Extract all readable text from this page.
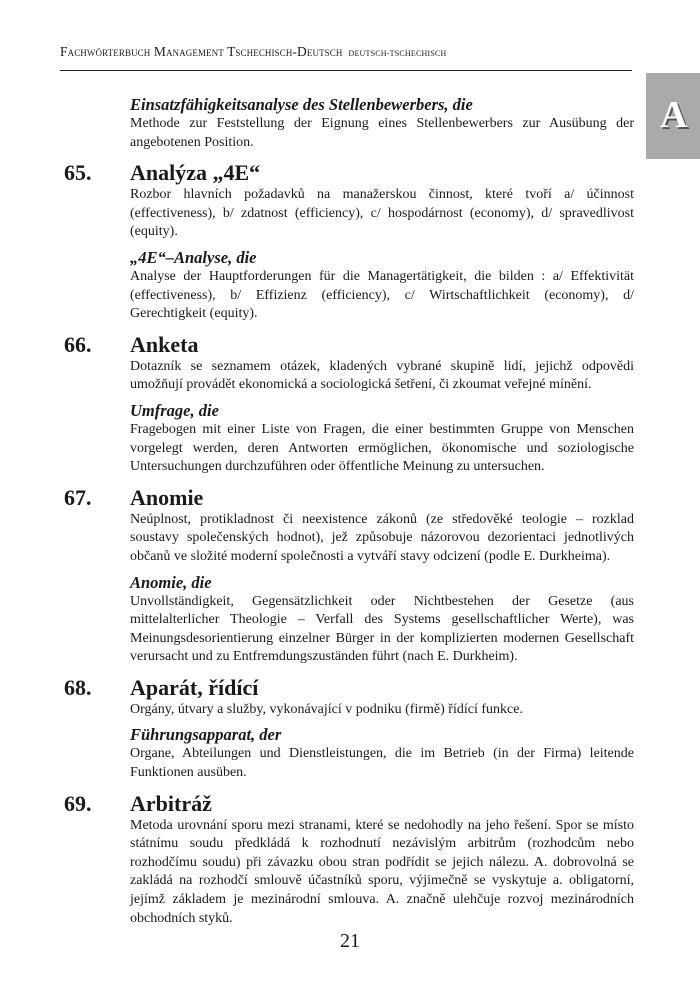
Fachwörterbuch Management Tschechisch-Deutsch DEUTSCH-TSCHECHISCH
A
Einsatzfähigkeitsanalyse des Stellenbewerbers, die
Methode zur Feststellung der Eignung eines Stellenbewerbers zur Ausübung der angebotenen Position.
65. Analýza „4E“
Rozbor hlavních požadavků na manažerskou činnost, které tvoří a/ účinnost (effectiveness), b/ zdatnost (efficiency), c/ hospodárnost (economy), d/ spravedlivost (equity).
„4E“–Analyse, die
Analyse der Hauptforderungen für die Managertätigkeit, die bilden : a/ Effektivität (effectiveness), b/ Effizienz (efficiency), c/ Wirtschaftlichkeit (economy), d/ Gerechtigkeit (equity).
66. Anketa
Dotazník se seznamem otázek, kladených vybrané skupině lidí, jejichž odpovědi umožňují provádět ekonomická a sociologická šetření, či zkoumat veřejné mínění.
Umfrage, die
Fragebogen mit einer Liste von Fragen, die einer bestimmten Gruppe von Menschen vorgelegt werden, deren Antworten ermöglichen, ökonomische und soziologische Untersuchungen durchzuführen oder öffentliche Meinung zu untersuchen.
67. Anomie
Neúplnost, protikladnost či neexistence zákonů (ze středověké teologie – rozklad soustavy společenských hodnot), jež způsobuje názorovou dezorientaci jednotlivých občanů ve složité moderní společnosti a vytváří stavy odcizení (podle E. Durkheima).
Anomie, die
Unvollständigkeit, Gegensätzlichkeit oder Nichtbestehen der Gesetze (aus mittelalterlicher Theologie – Verfall des Systems gesellschaftlicher Werte), was Meinungsdesorientierung einzelner Bürger in der komplizierten modernen Gesellschaft verursacht und zu Entfremdungszuständen führt (nach E. Durkheim).
68. Aparát, řídící
Orgány, útvary a služby, vykonávající v podniku (firmě) řídící funkce.
Führungsapparat, der
Organe, Abteilungen und Dienstleistungen, die im Betrieb (in der Firma) leitende Funktionen ausüben.
69. Arbitráž
Metoda urovnání sporu mezi stranami, které se nedohodly na jeho řešení. Spor se místo státnímu soudu předkládá k rozhodnutí nezávislým arbitrům (rozhodcům nebo rozhodčímu soudu) při závazku obou stran podřídit se jejich nálezu. A. dobrovolná se zakládá na rozhodčí smlouvě účastníků sporu, výjimečně se vyskytuje a. obligatorní, jejímž základem je mezinárodní smlouva. A. značně ulehčuje rozvoj mezinárodních obchodních styků.
21
